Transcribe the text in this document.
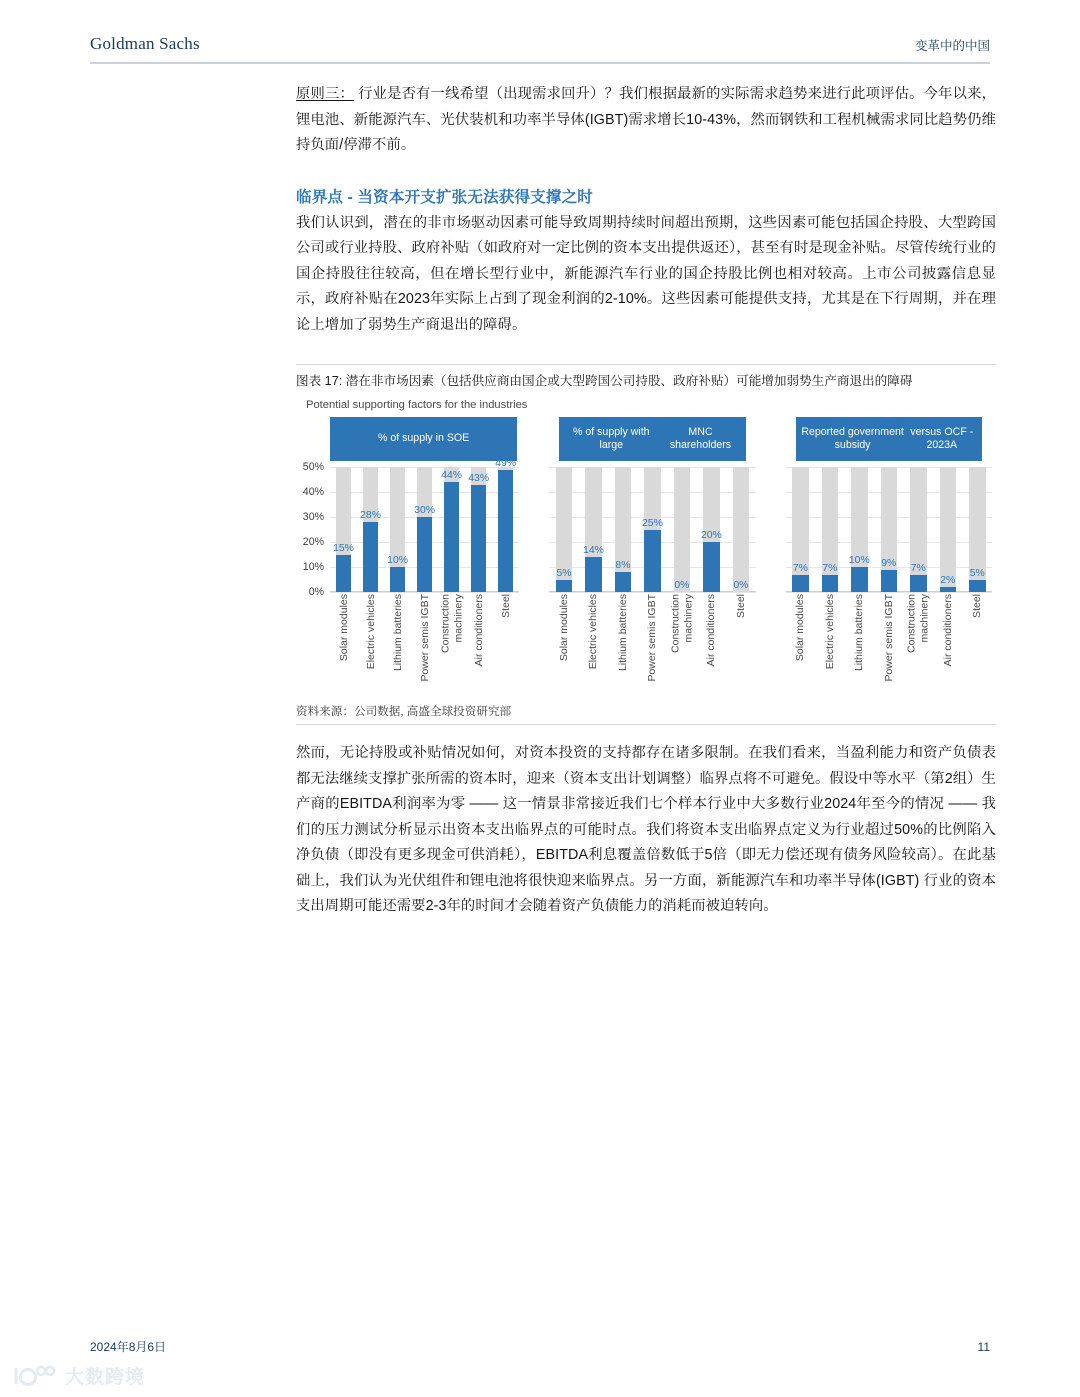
Goldman Sachs	变革中的中国

原则三： 行业是否有一线希望（出现需求回升）？我们根据最新的实际需求趋势来进行此项评估。今年以来，锂电池、新能源汽车、光伏装机和功率半导体(IGBT)需求增长10-43%，然而钢铁和工程机械需求同比趋势仍维持负面/停滞不前。

临界点 - 当资本开支扩张无法获得支撑之时

我们认识到，潜在的非市场驱动因素可能导致周期持续时间超出预期，这些因素可能包括国企持股、大型跨国公司或行业持股、政府补贴（如政府对一定比例的资本支出提供返还），甚至有时是现金补贴。尽管传统行业的国企持股往往较高，但在增长型行业中，新能源汽车行业的国企持股比例也相对较高。上市公司披露信息显示，政府补贴在2023年实际上占到了现金利润的2-10%。这些因素可能提供支持，尤其是在下行周期，并在理论上增加了弱势生产商退出的障碍。

图表 17: 潜在非市场因素（包括供应商由国企或大型跨国公司持股、政府补贴）可能增加弱势生产商退出的障碍
Potential supporting factors for the industries
% of supply in SOE
0%
10%
20%
30%
40%
50%
15%
28%
10%
30%
44% 43%
49%
Solar modules Electric vehicles Lithium batteries Power semis IGBT Construction
machinery Air conditioners Steel
% of supply with large

MNC shareholders
5%
14%
8%
25%
0%
20%
0%
Solar modules Electric vehicles Lithium batteries Power semis IGBT Construction
machinery Air conditioners Steel
Reported government subsidy

versus OCF - 2023A
7%	7%
10%	9%	7%
2%
5%
Solar modules Electric vehicles Lithium batteries Power semis IGBT Construction
machinery Air conditioners Steel
资料来源：公司数据, 高盛全球投资研究部

然而，无论持股或补贴情况如何，对资本投资的支持都存在诸多限制。在我们看来，当盈利能力和资产负债表都无法继续支撑扩张所需的资本时，迎来（资本支出计划调整）临界点将不可避免。假设中等水平（第2组）生产商的EBITDA利润率为零 —— 这一情景非常接近我们七个样本行业中大多数行业2024年至今的情况 —— 我们的压力测试分析显示出资本支出临界点的可能时点。我们将资本支出临界点定义为行业超过50%的比例陷入净负债（即没有更多现金可供消耗），EBITDA利息覆盖倍数低于5倍（即无力偿还现有债务风险较高）。在此基础上，我们认为光伏组件和锂电池将很快迎来临界点。另一方面，新能源汽车和功率半导体(IGBT) 行业的资本支出周期可能还需要2-3年的时间才会随着资产负债能力的消耗而被迫转向。

2024年8月6日	11
大数跨境
